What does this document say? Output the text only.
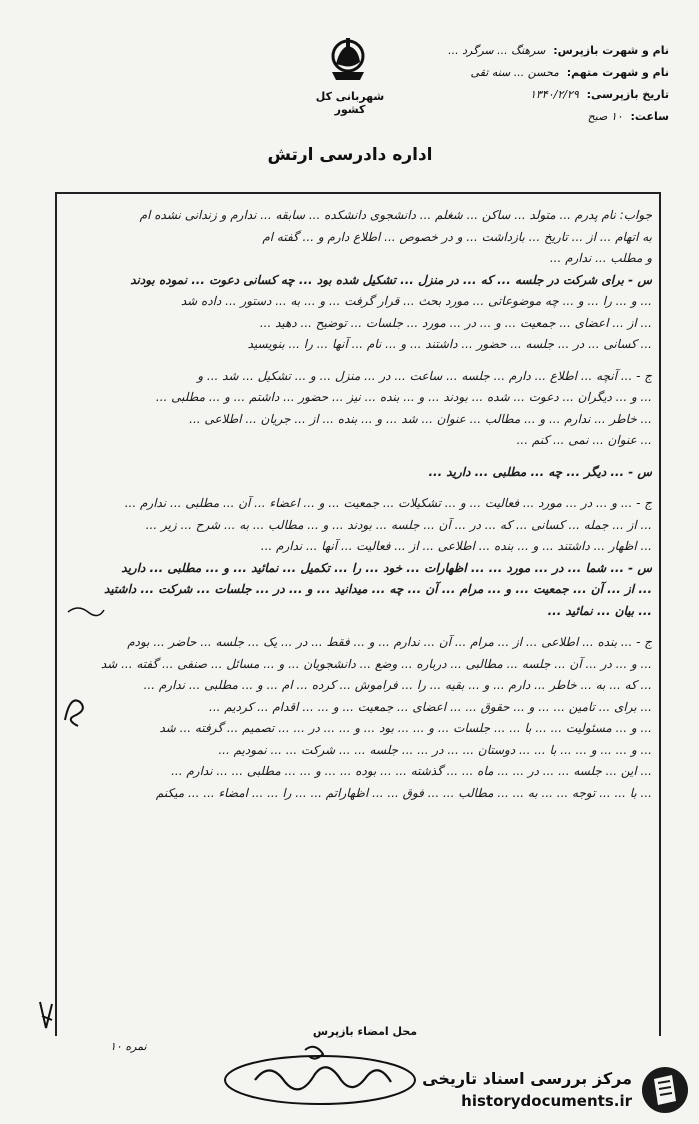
شهربانی کل کشور
اداره دادرسی ارتش
نام و شهرت بازپرس: سرهنگ ... سرگرد ...
نام و شهرت متهم: محسن ... سنه تقی
تاریخ بازپرسی: ۱۳۴۰/۲/۲۹
ساعت: ۱۰ صبح
جواب: نام پدرم ... متولد ... ساکن ... شغلم ... دانشجوی دانشکده ... سابقه ... ندارم و زندانی نشده ام
به اتهام ... از ... تاریخ ... بازداشت ... و در خصوص ... اطلاع دارم و ... گفته ام
و مطلب ... ندارم ...
س - برای شرکت در جلسه ... که ... در منزل ... تشکیل شده بود ... چه کسانی دعوت ... نموده بودند
... و ... را ... و ... چه موضوعاتی ... مورد بحث ... قرار گرفت ... و ... به ... دستور ... داده شد
... از ... اعضای ... جمعیت ... و ... در ... مورد ... جلسات ... توضیح ... دهید ...
... کسانی ... در ... جلسه ... حضور ... داشتند ... و ... نام ... آنها ... را ... بنویسید
ج - ... آنچه ... اطلاع ... دارم ... جلسه ... ساعت ... در ... منزل ... و ... تشکیل ... شد ... و
... و ... دیگران ... دعوت ... شده ... بودند ... و ... بنده ... نیز ... حضور ... داشتم ... و ... مطلبی ...
... خاطر ... ندارم ... و ... مطالب ... عنوان ... شد ... و ... بنده ... از ... جریان ... اطلاعی ...
... عنوان ... نمی ... کنم ...
س - ... دیگر ... چه ... مطلبی ... دارید ...
ج - ... و ... در ... مورد ... فعالیت ... و ... تشکیلات ... جمعیت ... و ... اعضاء ... آن ... مطلبی ... ندارم ...
... از ... جمله ... کسانی ... که ... در ... آن ... جلسه ... بودند ... و ... مطالب ... به ... شرح ... زیر ...
... اظهار ... داشتند ... و ... بنده ... اطلاعی ... از ... فعالیت ... آنها ... ندارم ...
س - ... شما ... در ... مورد ... ... اظهارات ... خود ... را ... تکمیل ... نمائید ... و ... مطلبی ... دارید
... از ... آن ... جمعیت ... و ... مرام ... آن ... چه ... میدانید ... و ... در ... جلسات ... شرکت ... داشتید
... بیان ... نمائید ...
ج - ... بنده ... اطلاعی ... از ... مرام ... آن ... ندارم ... و ... فقط ... در ... یک ... جلسه ... حاضر ... بودم
... و ... در ... آن ... جلسه ... مطالبی ... درباره ... وضع ... دانشجویان ... و ... مسائل ... صنفی ... گفته ... شد
... که ... به ... خاطر ... دارم ... و ... بقیه ... را ... فراموش ... کرده ... ام ... و ... مطلبی ... ندارم ...
... برای ... تامین ... ... و ... حقوق ... ... اعضای ... جمعیت ... و ... ... اقدام ... کردیم ...
... و ... مسئولیت ... ... با ... ... جلسات ... و ... ... بود ... و ... ... در ... ... تصمیم ... گرفته ... شد
... و ... ... و ... ... با ... ... دوستان ... ... در ... ... جلسه ... ... شرکت ... ... نمودیم ...
... این ... جلسه ... ... در ... ... ماه ... ... گذشته ... ... بوده ... ... و ... ... مطلبی ... ... ندارم ...
... با ... ... توجه ... ... به ... ... مطالب ... ... فوق ... ... اظهاراتم ... ... را ... ... امضاء ... ... میکنم
محل امضاء بازپرس
نمره ۱۰
مرکز بررسی اسناد تاریخی
historydocuments.ir
